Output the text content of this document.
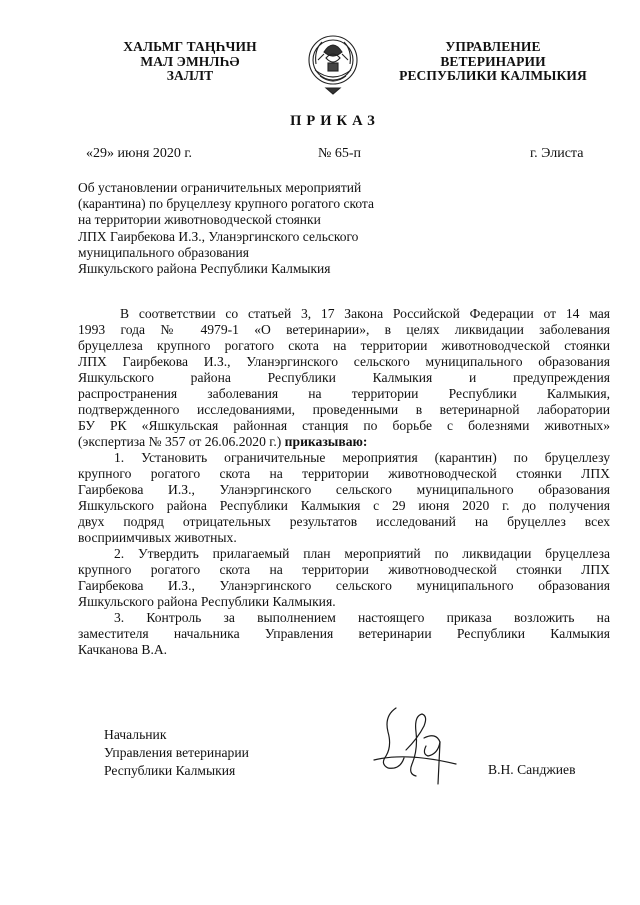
ХАЛЬМГ ТАҢҺЧИН
МАЛ ЭМНЛҺӘ
ЗАЛЛТ
УПРАВЛЕНИЕ
ВЕТЕРИНАРИИ
РЕСПУБЛИКИ КАЛМЫКИЯ
ПРИКАЗ
«29» июня 2020 г.	№ 65-п	г. Элиста
Об установлении ограничительных мероприятий
(карантина) по бруцеллезу крупного рогатого скота
на территории животноводческой стоянки
ЛПХ Гаирбекова И.З., Уланэргинского сельского
муниципального образования
Яшкульского района Республики Калмыкия
В соответствии со статьей 3, 17 Закона Российской Федерации от 14 мая
1993 года № 4979-1 «О ветеринарии», в целях ликвидации заболевания
бруцеллеза крупного рогатого скота на территории животноводческой стоянки
ЛПХ Гаирбекова И.З., Уланэргинского сельского муниципального образования
Яшкульского района Республики Калмыкия и предупреждения
распространения заболевания на территории Республики Калмыкия,
подтвержденного исследованиями, проведенными в ветеринарной лаборатории
БУ РК «Яшкульская районная станция по борьбе с болезнями животных»
(экспертиза № 357 от 26.06.2020 г.) приказываю:
1. Установить ограничительные мероприятия (карантин) по бруцеллезу
крупного рогатого скота на территории животноводческой стоянки ЛПХ
Гаирбекова И.З., Уланэргинского сельского муниципального образования
Яшкульского района Республики Калмыкия с 29 июня 2020 г. до получения
двух подряд отрицательных результатов исследований на бруцеллез всех
восприимчивых животных.
2. Утвердить прилагаемый план мероприятий по ликвидации бруцеллеза
крупного рогатого скота на территории животноводческой стоянки ЛПХ
Гаирбекова И.З., Уланэргинского сельского муниципального образования
Яшкульского района Республики Калмыкия.
3. Контроль за выполнением настоящего приказа возложить на
заместителя начальника Управления ветеринарии Республики Калмыкия
Качканова В.А.
Начальник
Управления ветеринарии
Республики Калмыкия	В.Н. Санджиев
